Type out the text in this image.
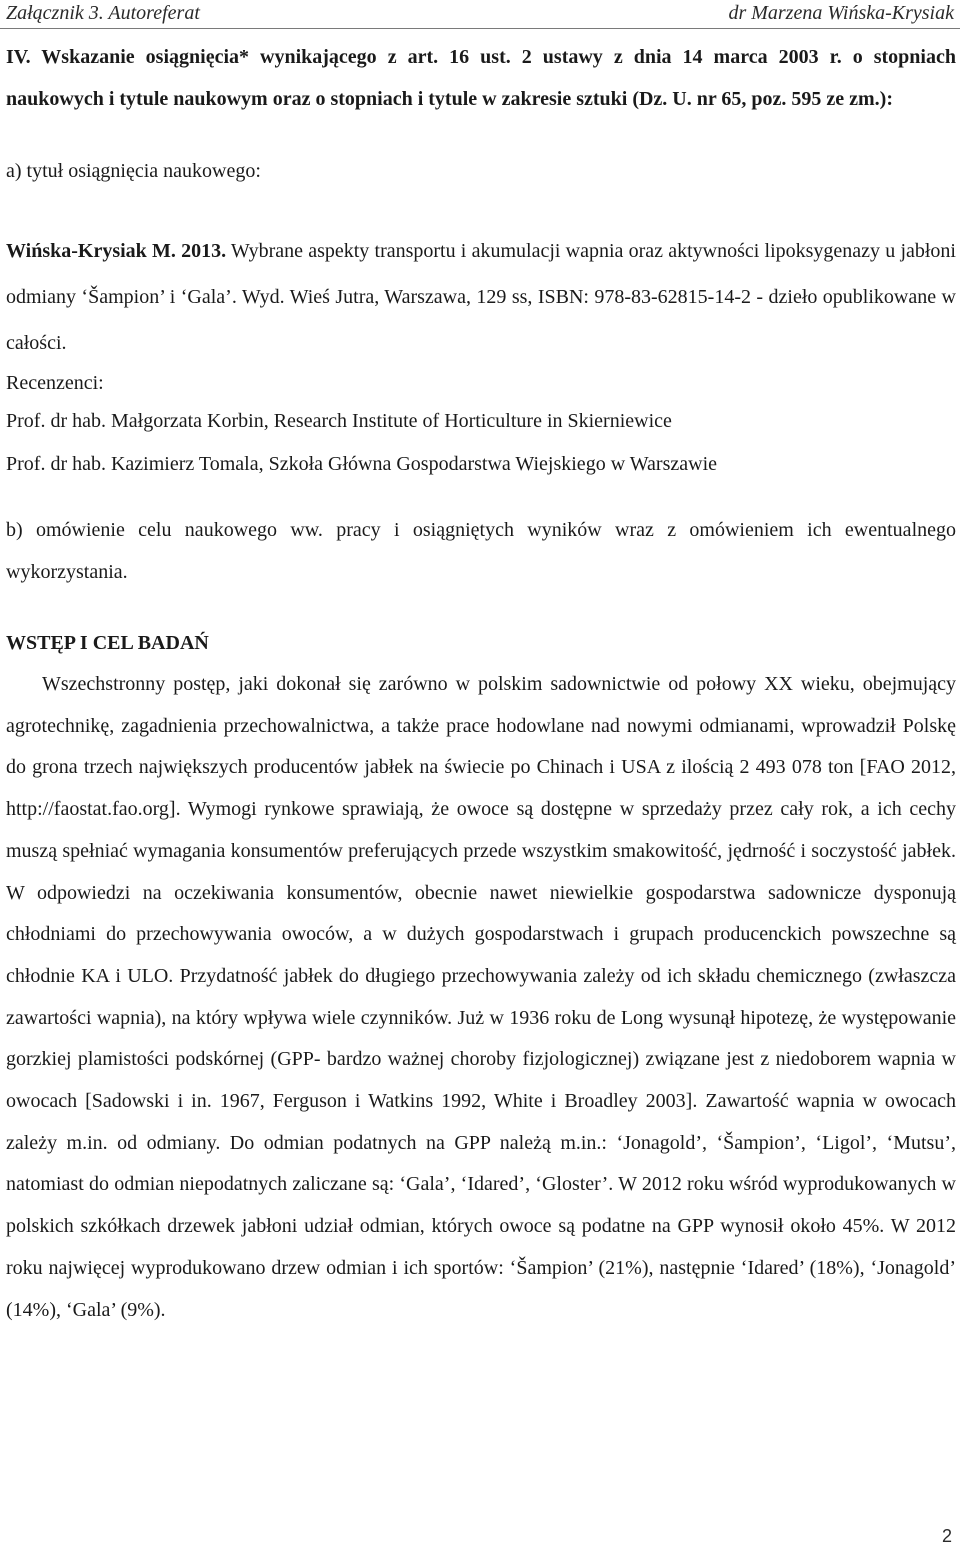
Załącznik 3. Autoreferat	dr Marzena Wińska-Krysiak

IV. Wskazanie osiągnięcia* wynikającego z art. 16 ust. 2 ustawy z dnia 14 marca 2003 r. o stopniach naukowych i tytule naukowym oraz o stopniach i tytule w zakresie sztuki (Dz. U. nr 65, poz. 595 ze zm.):

a) tytuł osiągnięcia naukowego:

Wińska-Krysiak M. 2013. Wybrane aspekty transportu i akumulacji wapnia oraz aktywności lipoksygenazy u jabłoni odmiany ‘Šampion’ i ‘Gala’. Wyd. Wieś Jutra, Warszawa, 129 ss, ISBN: 978-83-62815-14-2 - dzieło opublikowane w całości.

Recenzenci:

Prof. dr hab. Małgorzata Korbin, Research Institute of Horticulture in Skierniewice

Prof. dr hab. Kazimierz Tomala, Szkoła Główna Gospodarstwa Wiejskiego w Warszawie

b) omówienie celu naukowego ww. pracy i osiągniętych wyników wraz z omówieniem ich ewentualnego wykorzystania.

WSTĘP I CEL BADAŃ

Wszechstronny postęp, jaki dokonał się zarówno w polskim sadownictwie od połowy XX wieku, obejmujący agrotechnikę, zagadnienia przechowalnictwa, a także prace hodowlane nad nowymi odmianami, wprowadził Polskę do grona trzech największych producentów jabłek na świecie po Chinach i USA z ilością 2 493 078 ton [FAO 2012, http://faostat.fao.org]. Wymogi rynkowe sprawiają, że owoce są dostępne w sprzedaży przez cały rok, a ich cechy muszą spełniać wymagania konsumentów preferujących przede wszystkim smakowitość, jędrność i soczystość jabłek. W odpowiedzi na oczekiwania konsumentów, obecnie nawet niewielkie gospodarstwa sadownicze dysponują chłodniami do przechowywania owoców, a w dużych gospodarstwach i grupach producenckich powszechne są chłodnie KA i ULO. Przydatność jabłek do długiego przechowywania zależy od ich składu chemicznego (zwłaszcza zawartości wapnia), na który wpływa wiele czynników. Już w 1936 roku de Long wysunął hipotezę, że występowanie gorzkiej plamistości podskórnej (GPP- bardzo ważnej choroby fizjologicznej) związane jest z niedoborem wapnia w owocach [Sadowski i in. 1967, Ferguson i Watkins 1992, White i Broadley 2003]. Zawartość wapnia w owocach zależy m.in. od odmiany. Do odmian podatnych na GPP należą m.in.: ‘Jonagold’, ‘Šampion’, ‘Ligol’, ‘Mutsu’, natomiast do odmian niepodatnych zaliczane są: ‘Gala’, ‘Idared’, ‘Gloster’. W 2012 roku wśród wyprodukowanych w polskich szkółkach drzewek jabłoni udział odmian, których owoce są podatne na GPP wynosił około 45%. W 2012 roku najwięcej wyprodukowano drzew odmian i ich sportów: ‘Šampion’ (21%), następnie ‘Idared’ (18%), ‘Jonagold’ (14%), ‘Gala’ (9%).

2
